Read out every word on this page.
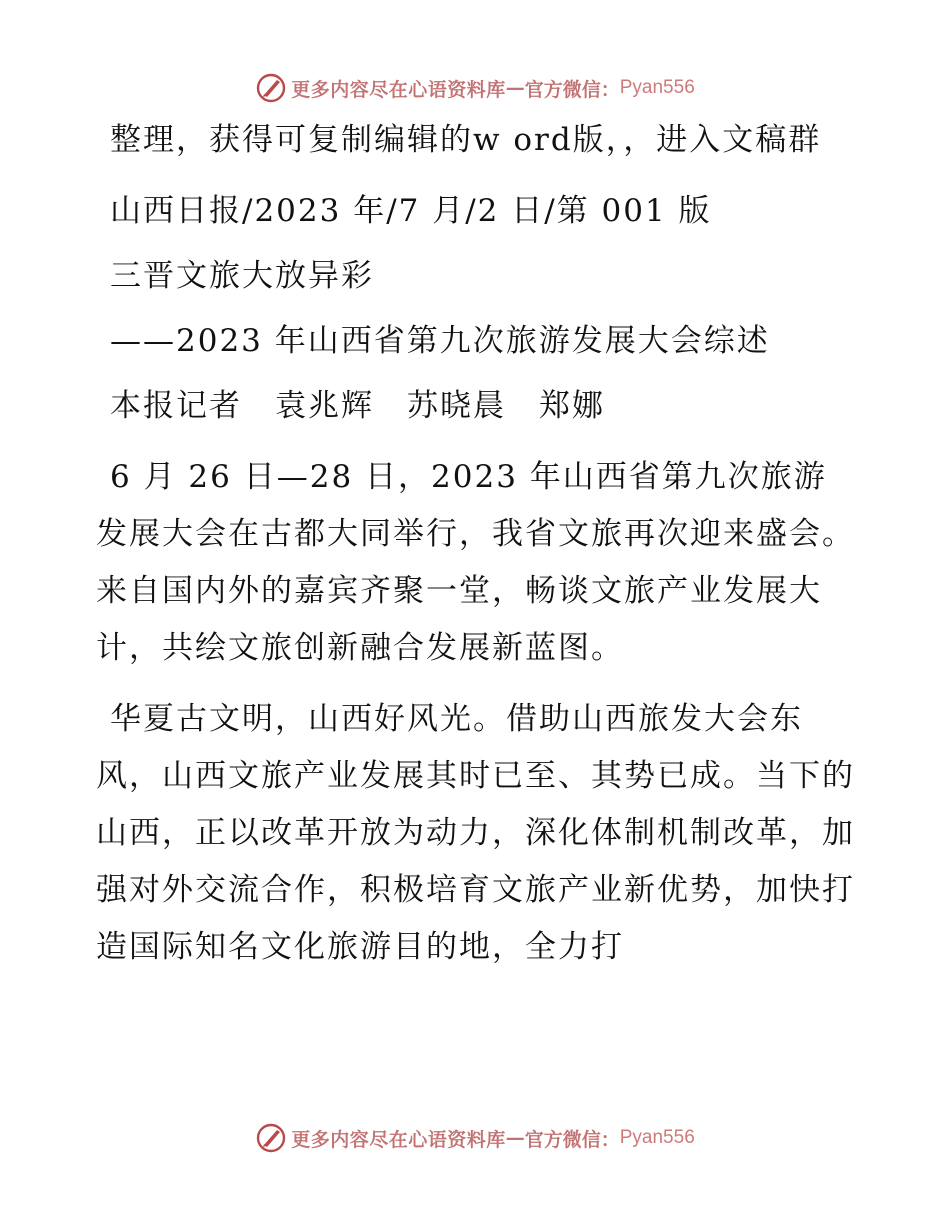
更多内容尽在心语资料库 — 官方微信： Pyan556

整理，获得可复制编辑的w ord版，，进入文稿群

山西日报/2023 年/7 月/2 日/第 001 版

三晋文旅大放异彩

——2023 年山西省第九次旅游发展大会综述

本报记者　袁兆辉　苏晓晨　郑娜

6 月 26 日—28 日，2023 年山西省第九次旅游发展大会在古都大同举行，我省文旅再次迎来盛会。来自国内外的嘉宾齐聚一堂，畅谈文旅产业发展大计，共绘文旅创新融合发展新蓝图。

华夏古文明，山西好风光。借助山西旅发大会东风，山西文旅产业发展其时已至、其势已成。当下的山西，正以改革开放为动力，深化体制机制改革，加强对外交流合作，积极培育文旅产业新优势，加快打造国际知名文化旅游目的地，全力打

更多内容尽在心语资料库 — 官方微信： Pyan556
